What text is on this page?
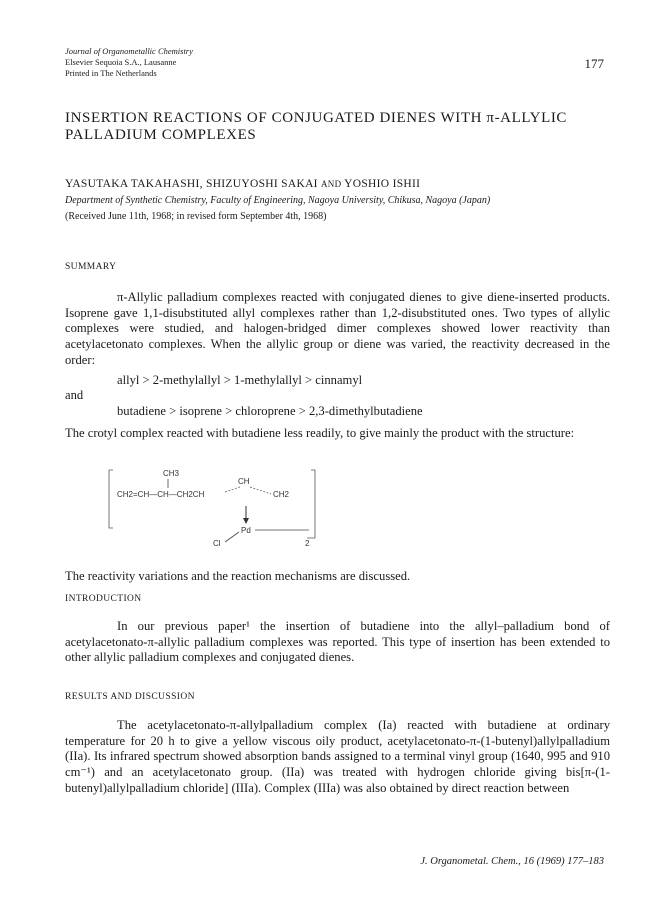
Journal of Organometallic Chemistry
Elsevier Sequoia S.A., Lausanne
Printed in The Netherlands
177
INSERTION REACTIONS OF CONJUGATED DIENES WITH π-ALLYLIC
PALLADIUM COMPLEXES
YASUTAKA TAKAHASHI, SHIZUYOSHI SAKAI AND YOSHIO ISHII
Department of Synthetic Chemistry, Faculty of Engineering, Nagoya University, Chikusa, Nagoya (Japan)
(Received June 11th, 1968; in revised form September 4th, 1968)
SUMMARY

π-Allylic palladium complexes reacted with conjugated dienes to give diene-inserted products. Isoprene gave 1,1-disubstituted allyl complexes rather than 1,2-disubstituted ones. Two types of allylic complexes were studied, and halogen-bridged dimer complexes showed lower reactivity than acetylacetonato complexes. When the allylic group or diene was varied, the reactivity decreased in the order:

allyl > 2-methylallyl > 1-methylallyl > cinnamyl

and

butadiene > isoprene > chloroprene > 2,3-dimethylbutadiene

The crotyl complex reacted with butadiene less readily, to give mainly the product with the structure:

CH3
CH2=CH—CH—CH2CH
CH
CH2
Pd
Cl	2
The reactivity variations and the reaction mechanisms are discussed.
INTRODUCTION
In our previous paper¹ the insertion of butadiene into the allyl–palladium bond of acetylacetonato-π-allylic palladium complexes was reported. This type of insertion has been extended to other allylic palladium complexes and conjugated dienes.
RESULTS AND DISCUSSION
The acetylacetonato-π-allylpalladium complex (Ia) reacted with butadiene at ordinary temperature for 20 h to give a yellow viscous oily product, acetylacetonato-π-(1-butenyl)allylpalladium (IIa). Its infrared spectrum showed absorption bands assigned to a terminal vinyl group (1640, 995 and 910 cm⁻¹) and an acetylacetonato group. (IIa) was treated with hydrogen chloride giving bis[π-(1-butenyl)allylpalladium chloride] (IIIa). Complex (IIIa) was also obtained by direct reaction between
J. Organometal. Chem., 16 (1969) 177–183
